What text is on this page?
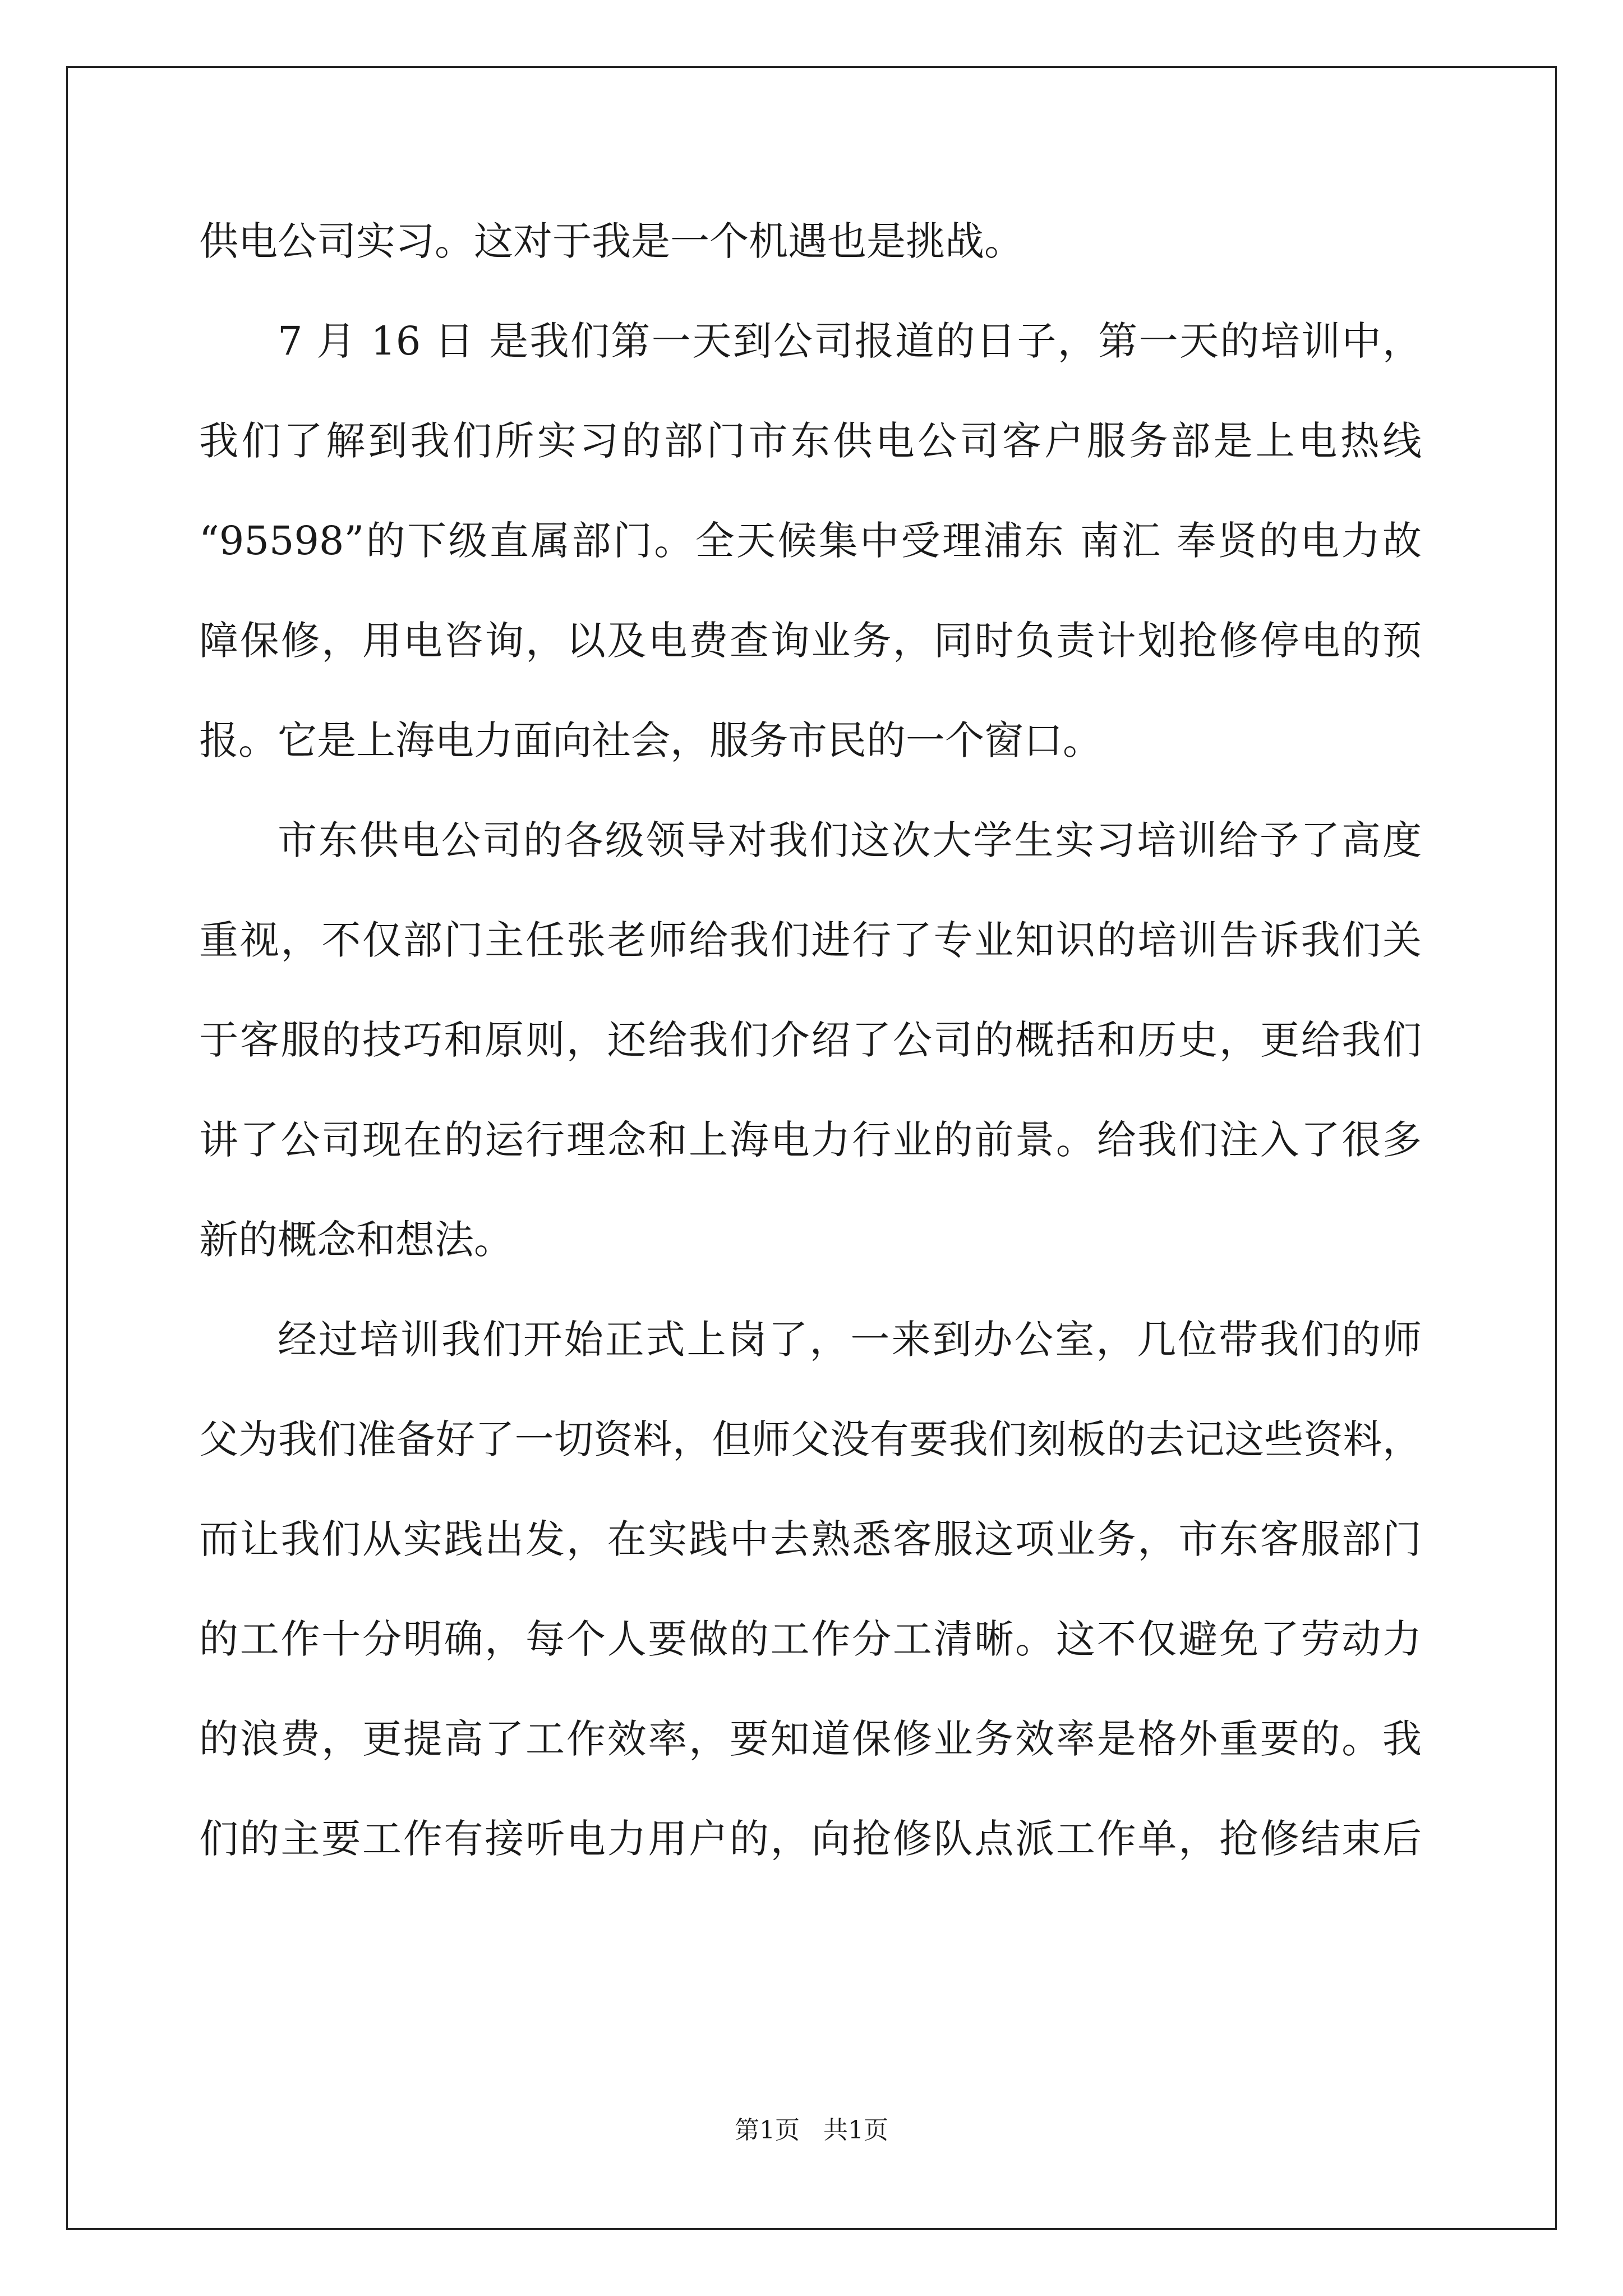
供电公司实习。这对于我是一个机遇也是挑战。
7 月 16 日 是我们第一天到公司报道的日子，第一天的培训中，
我们了解到我们所实习的部门市东供电公司客户服务部是上电热线
“95598”的下级直属部门。全天候集中受理浦东 南汇 奉贤的电力故
障保修，用电咨询，以及电费查询业务，同时负责计划抢修停电的预
报。它是上海电力面向社会，服务市民的一个窗口。
市东供电公司的各级领导对我们这次大学生实习培训给予了高度
重视，不仅部门主任张老师给我们进行了专业知识的培训告诉我们关
于客服的技巧和原则，还给我们介绍了公司的概括和历史，更给我们
讲了公司现在的运行理念和上海电力行业的前景。给我们注入了很多
新的概念和想法。
经过培训我们开始正式上岗了，一来到办公室，几位带我们的师
父为我们准备好了一切资料，但师父没有要我们刻板的去记这些资料，
而让我们从实践出发，在实践中去熟悉客服这项业务，市东客服部门
的工作十分明确，每个人要做的工作分工清晰。这不仅避免了劳动力
的浪费，更提高了工作效率，要知道保修业务效率是格外重要的。我
们的主要工作有接听电力用户的，向抢修队点派工作单，抢修结束后
第1页   共1页
